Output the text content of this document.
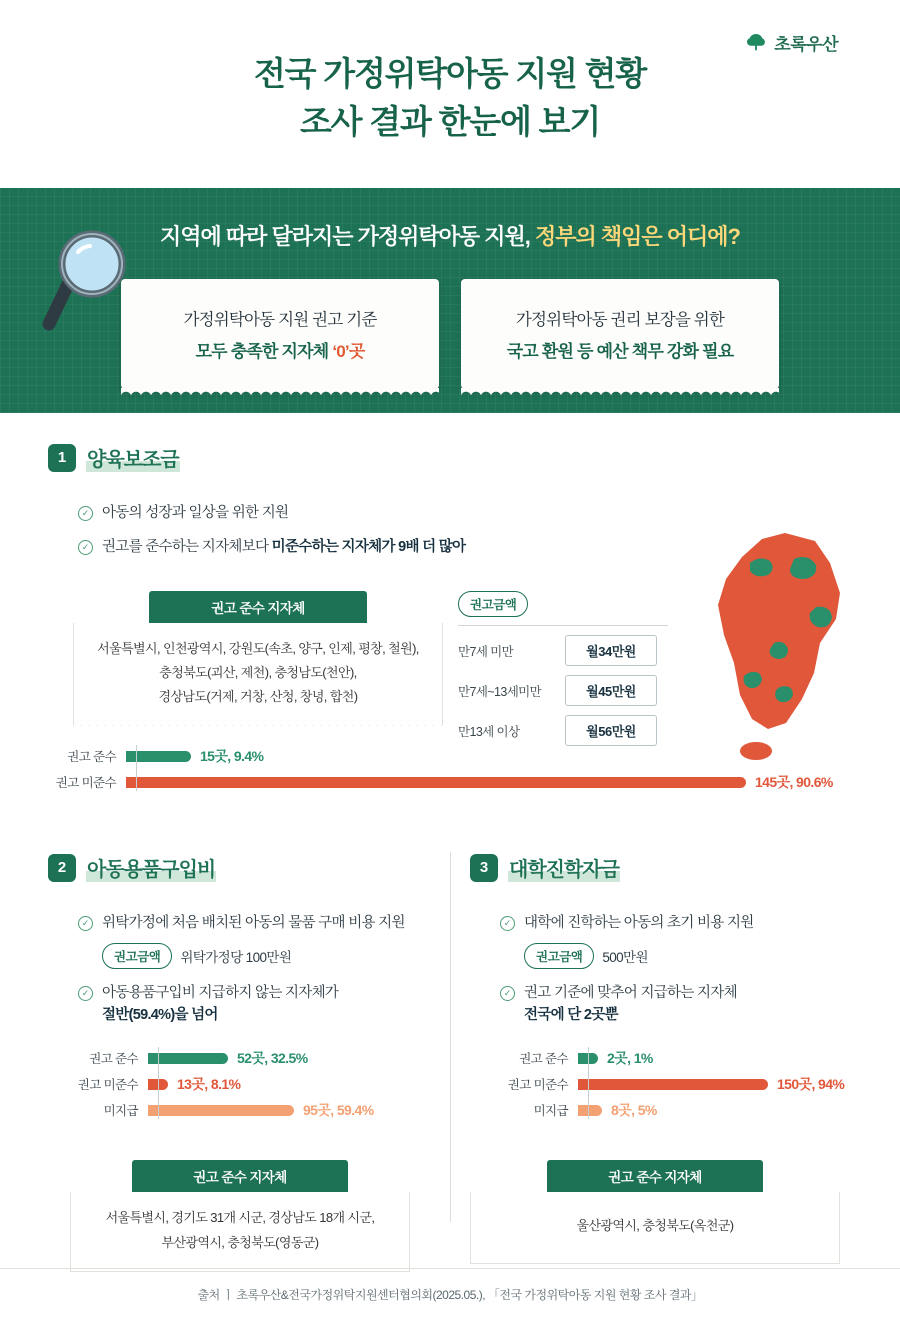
초록우산
전국 가정위탁아동 지원 현황
조사 결과 한눈에 보기
지역에 따라 달라지는 가정위탁아동 지원, 정부의 책임은 어디에?
가정위탁아동 지원 권고 기준
모두 충족한 지자체 ‘0’곳
가정위탁아동 권리 보장을 위한
국고 환원 등 예산 책무 강화 필요
1	양육보조금
✓ 아동의 성장과 일상을 위한 지원
✓ 권고를 준수하는 지자체보다 미준수하는 지자체가 9배 더 많아
권고 준수 지자체
서울특별시, 인천광역시, 강원도(속초, 양구, 인제, 평창, 철원),
충청북도(괴산, 제천), 충청남도(천안),
경상남도(거제, 거창, 산청, 창녕, 합천)
권고금액
만7세 미만	월34만원
만7세~13세미만	월45만원
만13세 이상	월56만원
권고 준수	15곳, 9.4%
권고 미준수	145곳, 90.6%
2	아동용품구입비
✓ 위탁가정에 처음 배치된 아동의 물품 구매 비용 지원
권고금액	위탁가정당 100만원
✓ 아동용품구입비 지급하지 않는 지자체가
절반(59.4%)을 넘어
권고 준수	52곳, 32.5%
권고 미준수	13곳, 8.1%
미지급	95곳, 59.4%
권고 준수 지자체
서울특별시, 경기도 31개 시군, 경상남도 18개 시군,
부산광역시, 충청북도(영동군)
3	대학진학자금
✓ 대학에 진학하는 아동의 초기 비용 지원
권고금액	500만원
✓ 권고 기준에 맞추어 지급하는 지자체
전국에 단 2곳뿐
권고 준수	2곳, 1%
권고 미준수	150곳, 94%
미지급	8곳, 5%
권고 준수 지자체
울산광역시, 충청북도(옥천군)
출처 ㅣ 초록우산&전국가정위탁지원센터협의회(2025.05.), 「전국 가정위탁아동 지원 현황 조사 결과」
